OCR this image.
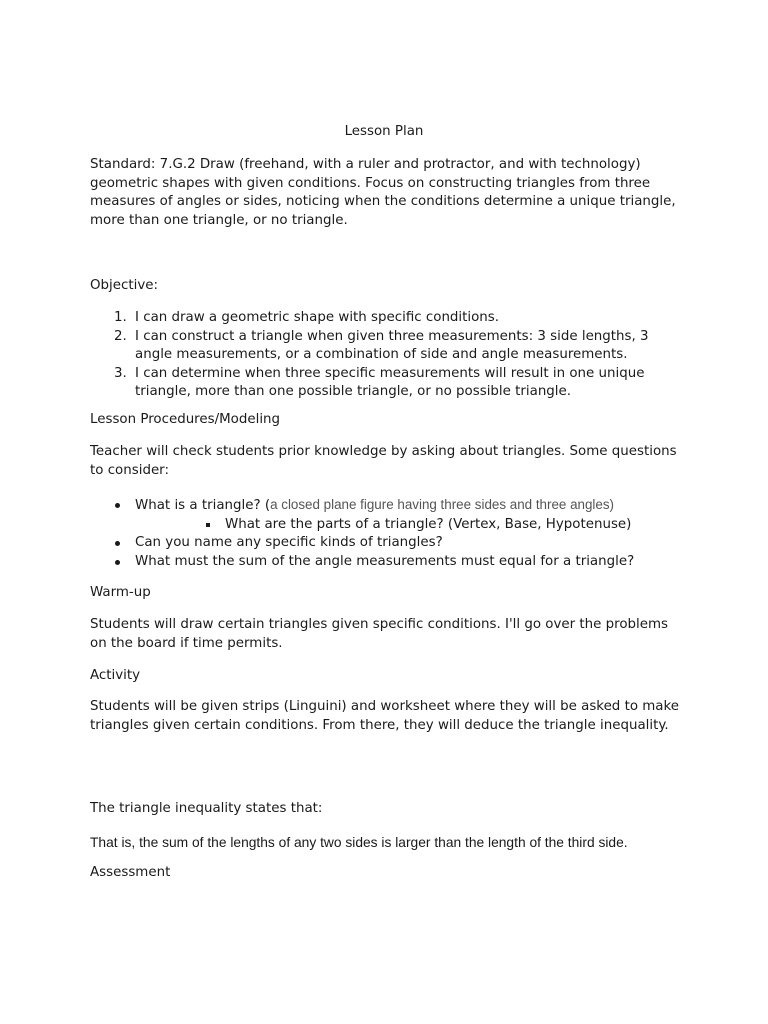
Lesson Plan

Standard: 7.G.2 Draw (freehand, with a ruler and protractor, and with technology) geometric shapes with given conditions. Focus on constructing triangles from three measures of angles or sides, noticing when the conditions determine a unique triangle, more than one triangle, or no triangle.

Objective:

1. I can draw a geometric shape with specific conditions.
2. I can construct a triangle when given three measurements: 3 side lengths, 3 angle measurements, or a combination of side and angle measurements.
3. I can determine when three specific measurements will result in one unique triangle, more than one possible triangle, or no possible triangle.

Lesson Procedures/Modeling

Teacher will check students prior knowledge by asking about triangles. Some questions to consider:

What is a triangle? (a closed plane figure having three sides and three angles)
What are the parts of a triangle? (Vertex, Base, Hypotenuse)
Can you name any specific kinds of triangles?
What must the sum of the angle measurements must equal for a triangle?

Warm-up

Students will draw certain triangles given specific conditions. I'll go over the problems on the board if time permits.

Activity

Students will be given strips (Linguini) and worksheet where they will be asked to make triangles given certain conditions. From there, they will deduce the triangle inequality.

The triangle inequality states that:

That is, the sum of the lengths of any two sides is larger than the length of the third side.

Assessment
